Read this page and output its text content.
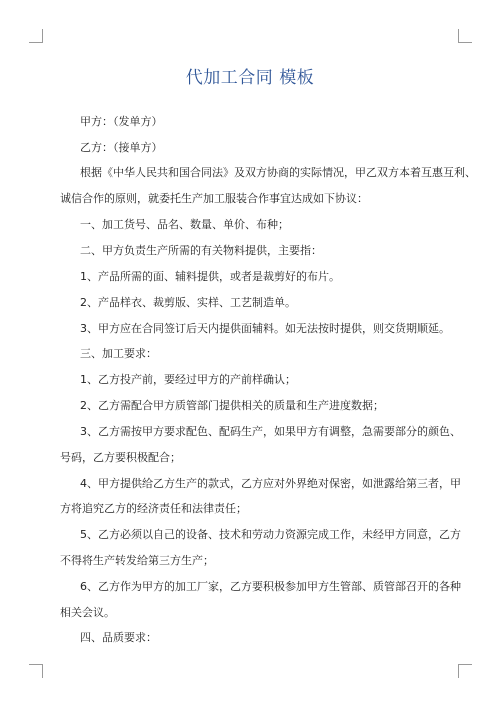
代加工合同 模板
甲方：（发单方）
乙方：（接单方）
根据《中华人民共和国合同法》及双方协商的实际情况，甲乙双方本着互惠互利、
诚信合作的原则，就委托生产加工服装合作事宜达成如下协议：
一、加工货号、品名、数量、单价、布种；
二、甲方负责生产所需的有关物料提供，主要指：
1、产品所需的面、辅料提供，或者是裁剪好的布片。
2、产品样衣、裁剪版、实样、工艺制造单。
3、甲方应在合同签订后天内提供面辅料。如无法按时提供，则交货期顺延。
三、加工要求：
1、乙方投产前，要经过甲方的产前样确认；
2、乙方需配合甲方质管部门提供相关的质量和生产进度数据；
3、乙方需按甲方要求配色、配码生产，如果甲方有调整，急需要部分的颜色、
号码，乙方要积极配合；
4、甲方提供给乙方生产的款式，乙方应对外界绝对保密，如泄露给第三者，甲
方将追究乙方的经济责任和法律责任；
5、乙方必须以自己的设备、技术和劳动力资源完成工作，未经甲方同意，乙方
不得将生产转发给第三方生产；
6、乙方作为甲方的加工厂家，乙方要积极参加甲方生管部、质管部召开的各种
相关会议。
四、品质要求：
